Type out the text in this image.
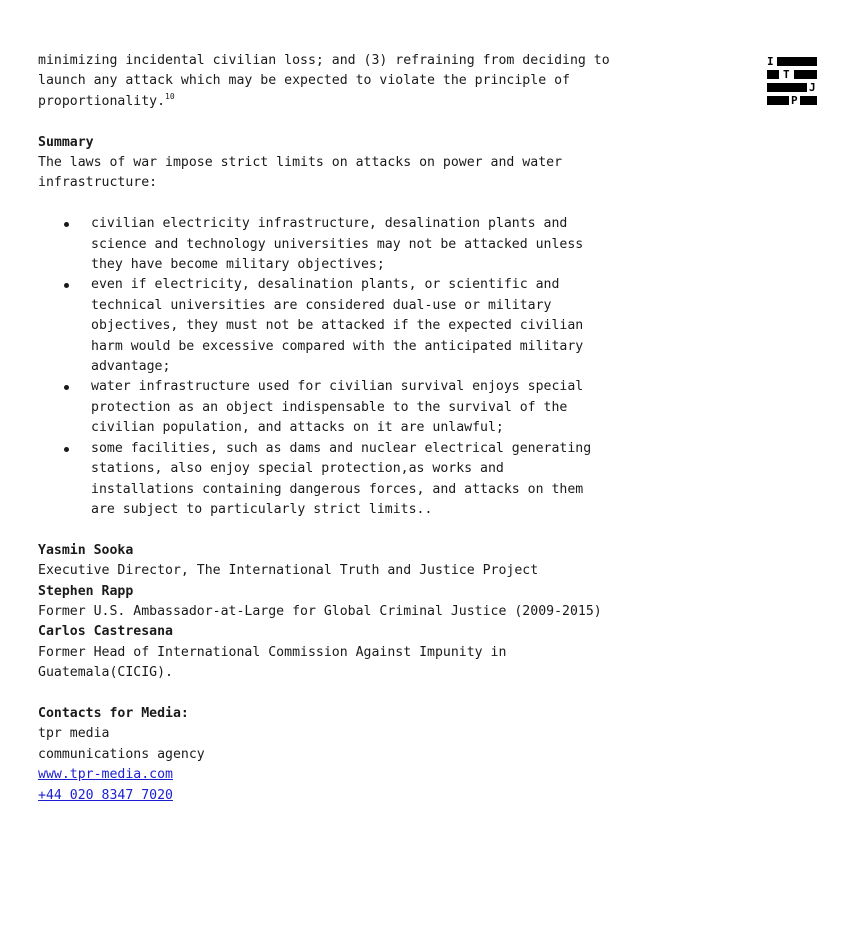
minimizing incidental civilian loss; and (3) refraining from deciding to launch any attack which may be expected to violate the principle of proportionality.$^{10}$

Summary

The laws of war impose strict limits on attacks on power and water infrastructure:

civilian electricity infrastructure, desalination plants and science and technology universities may not be attacked unless they have become military objectives;
even if electricity, desalination plants, or scientific and technical universities are considered dual-use or military objectives, they must not be attacked if the expected civilian harm would be excessive compared with the anticipated military advantage;
water infrastructure used for civilian survival enjoys special protection as an object indispensable to the survival of the civilian population, and attacks on it are unlawful;
some facilities, such as dams and nuclear electrical generating stations, also enjoy special protection,as works and installations containing dangerous forces, and attacks on them are subject to particularly strict limits..

Yasmin Sooka

Executive Director, The International Truth and Justice Project

Stephen Rapp

Former U.S. Ambassador-at-Large for Global Criminal Justice (2009-2015)

Carlos Castresana

Former Head of International Commission Against Impunity in Guatemala(CICIG).

Contacts for Media:

tpr media

communications agency

www.tpr-media.com

+44 020 8347 7020

I
T
J
P
